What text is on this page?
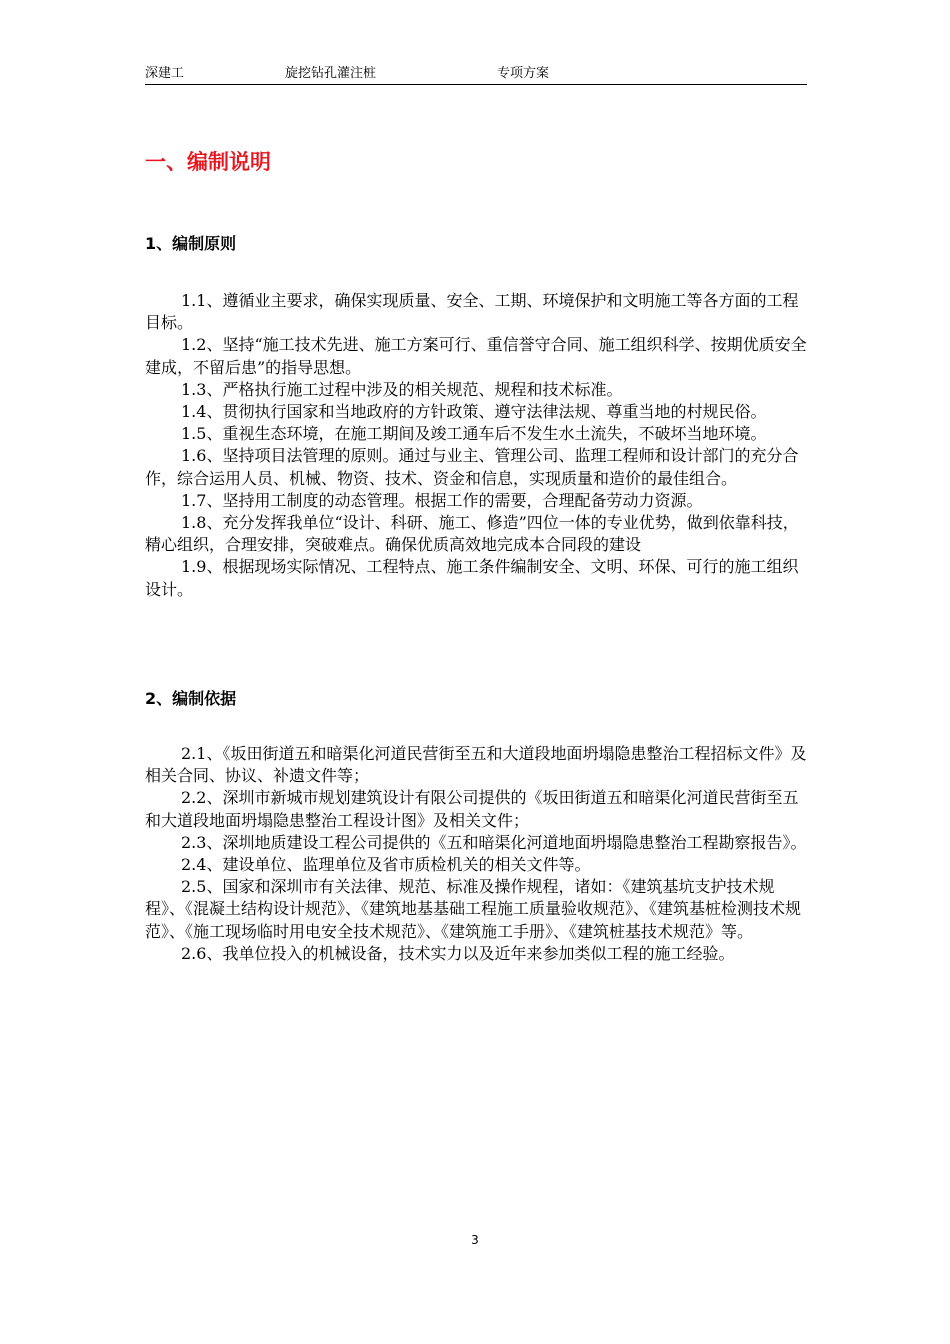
深建工	旋挖钻孔灌注桩	专项方案
一、编制说明
1、编制原则

1.1、遵循业主要求，确保实现质量、安全、工期、环境保护和文明施工等各方面的工程目标。

1.2、坚持“施工技术先进、施工方案可行、重信誉守合同、施工组织科学、按期优质安全建成，不留后患”的指导思想。

1.3、严格执行施工过程中涉及的相关规范、规程和技术标准。

1.4、贯彻执行国家和当地政府的方针政策、遵守法律法规、尊重当地的村规民俗。

1.5、重视生态环境，在施工期间及竣工通车后不发生水土流失，不破坏当地环境。

1.6、坚持项目法管理的原则。通过与业主、管理公司、监理工程师和设计部门的充分合作，综合运用人员、机械、物资、技术、资金和信息，实现质量和造价的最佳组合。

1.7、坚持用工制度的动态管理。根据工作的需要，合理配备劳动力资源。

1.8、充分发挥我单位“设计、科研、施工、修造”四位一体的专业优势，做到依靠科技，精心组织，合理安排，突破难点。确保优质高效地完成本合同段的建设

1.9、根据现场实际情况、工程特点、施工条件编制安全、文明、环保、可行的施工组织设计。

2、编制依据

2.1、《坂田街道五和暗渠化河道民营街至五和大道段地面坍塌隐患整治工程招标文件》及相关合同、协议、补遗文件等；

2.2、深圳市新城市规划建筑设计有限公司提供的《坂田街道五和暗渠化河道民营街至五和大道段地面坍塌隐患整治工程设计图》及相关文件；

2.3、深圳地质建设工程公司提供的《五和暗渠化河道地面坍塌隐患整治工程勘察报告》。

2.4、建设单位、监理单位及省市质检机关的相关文件等。

2.5、国家和深圳市有关法律、规范、标准及操作规程，诸如：《建筑基坑支护技术规程》、《混凝土结构设计规范》、《建筑地基基础工程施工质量验收规范》、《建筑基桩检测技术规范》、《施工现场临时用电安全技术规范》、《建筑施工手册》、《建筑桩基技术规范》等。

2.6、我单位投入的机械设备，技术实力以及近年来参加类似工程的施工经验。

3
